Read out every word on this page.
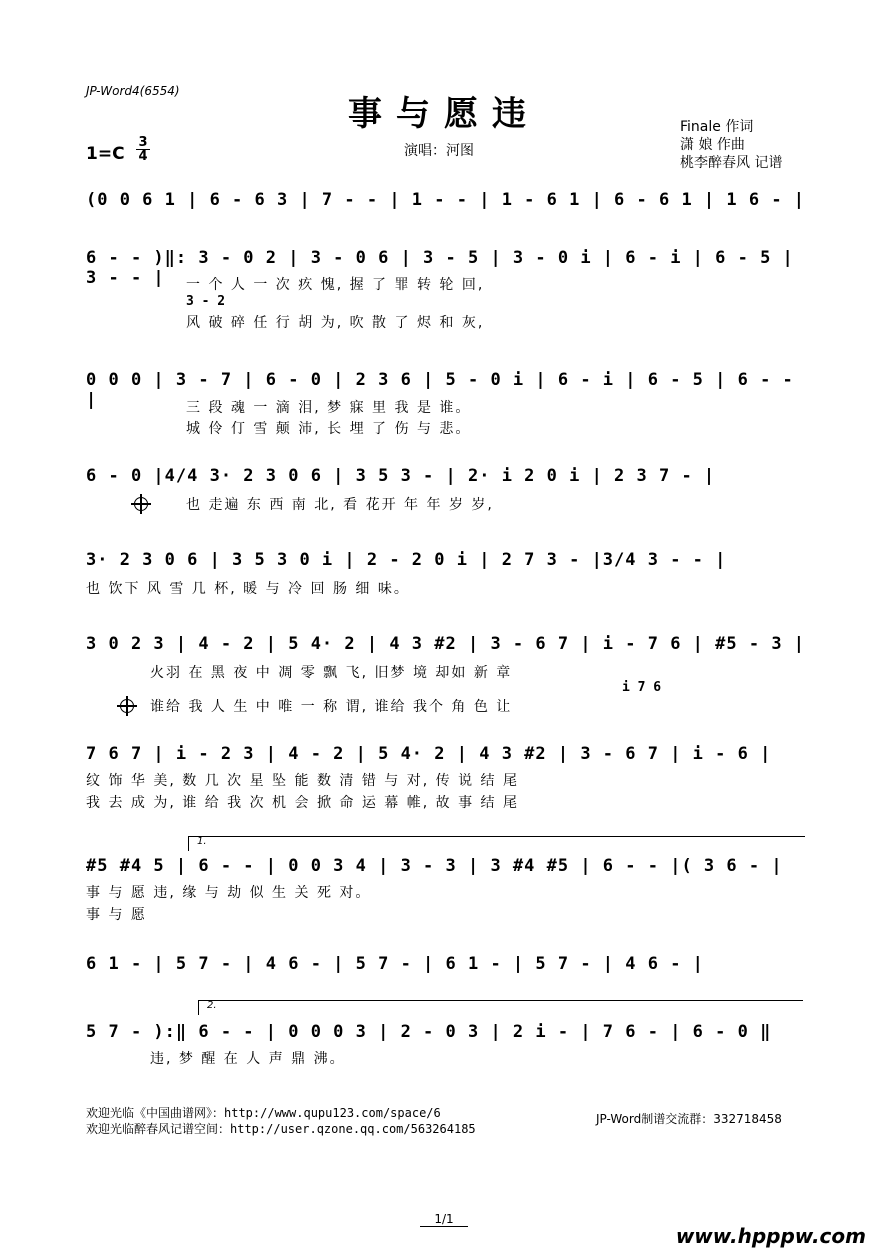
JP-Word4(6554)
事与愿违
1=C
3
4	演唱：河图
Finale 作词
潇 娘 作曲
桃李醉春风 记谱
(0 0 6 1 | 6 - 6 3 | 7 - - | 1 - - | 1 - 6 1 | 6 - 6 1 | 1 6 - |
6 - - )‖: 3 - 0 2 | 3 - 0 6 | 3 - 5 | 3 - 0 i | 6 - i | 6 - 5 | 3 - - |
3 - 2
一 个 人 一 次 疚 愧, 握 了 罪 转 轮 回,
风 破 碎 任 行 胡 为, 吹 散 了 烬 和 灰,
0 0 0 | 3 - 7 | 6 - 0 | 2 3 6 | 5 - 0 i | 6 - i | 6 - 5 | 6 - - |	三 段 魂 一 滴 泪, 梦 寐 里 我 是 谁。
城 伶 仃 雪 颠 沛, 长 埋 了 伤 与 悲。
6 - 0 |4/4 3· 2 3 0 6 | 3 5 3 - | 2· i 2 0 i | 2 3 7 - |
也 走遍 东 西 南 北, 看 花开 年 年 岁 岁,
3· 2 3 0 6 | 3 5 3 0 i | 2 - 2 0 i | 2 7 3 - |3/4 3 - - |
也 饮下 风 雪 几 杯, 暖 与 冷 回 肠 细 味。
3 0 2 3 | 4 - 2 | 5 4· 2 | 4 3 #2 | 3 - 6 7 | i - 7 6 | #5 - 3 |
火羽 在 黑 夜 中 凋 零 飘 飞, 旧梦 境 却如 新 章
i 7 6
谁给 我 人 生 中 唯 一 称 谓, 谁给 我个 角 色 让
7 6 7 | i - 2 3 | 4 - 2 | 5 4· 2 | 4 3 #2 | 3 - 6 7 | i - 6 |
纹 饰 华 美, 数 几 次 星 坠 能 数 清 错 与 对, 传 说 结 尾
我 去 成 为, 谁 给 我 次 机 会 掀 命 运 幕 帷, 故 事 结 尾
1.
#5 #4 5 | 6 - - | 0 0 3 4 | 3 - 3 | 3 #4 #5 | 6 - - |( 3 6 - |
事 与 愿 违, 缘 与 劫 似 生 关 死 对。
事 与 愿
6 1 - | 5 7 - | 4 6 - | 5 7 - | 6 1 - | 5 7 - | 4 6 - |
2.
5 7 - ):‖ 6 - - | 0 0 0 3 | 2 - 0 3 | 2 i - | 7 6 - | 6 - 0 ‖
违, 梦 醒 在 人 声 鼎 沸。
欢迎光临《中国曲谱网》：http://www.qupu123.com/space/6
欢迎光临醉春风记谱空间：http://user.qzone.qq.com/563264185
JP-Word制谱交流群：332718458
1/1
www.hpppw.com
